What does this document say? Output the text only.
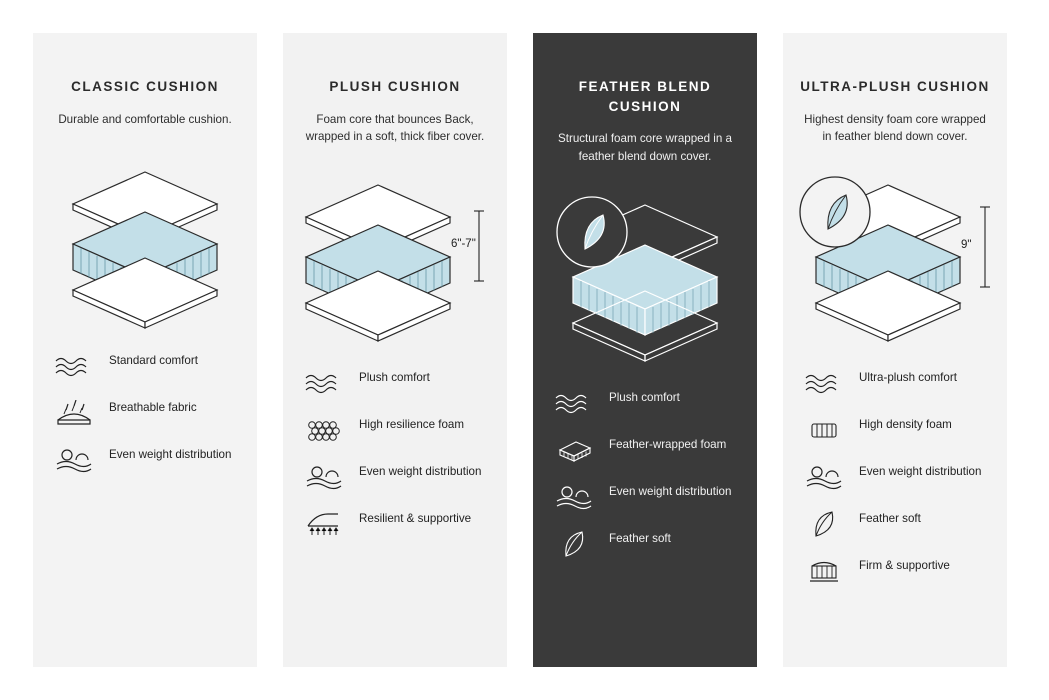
CLASSIC CUSHION
Durable and comfortable cushion.
Standard comfort
Breathable fabric
Even weight distribution
PLUSH CUSHION
Foam core that bounces Back, wrapped in a soft, thick fiber cover.
6"-7"
Plush comfort
High resilience foam
Even weight distribution
Resilient & supportive
FEATHER BLEND CUSHION
Structural foam core wrapped in a feather blend down cover.
Plush comfort
Feather-wrapped foam
Even weight distribution
Feather soft
ULTRA-PLUSH CUSHION
Highest density foam core wrapped in feather blend down cover.
9"
Ultra-plush comfort
High density foam
Even weight distribution
Feather soft
Firm & supportive
